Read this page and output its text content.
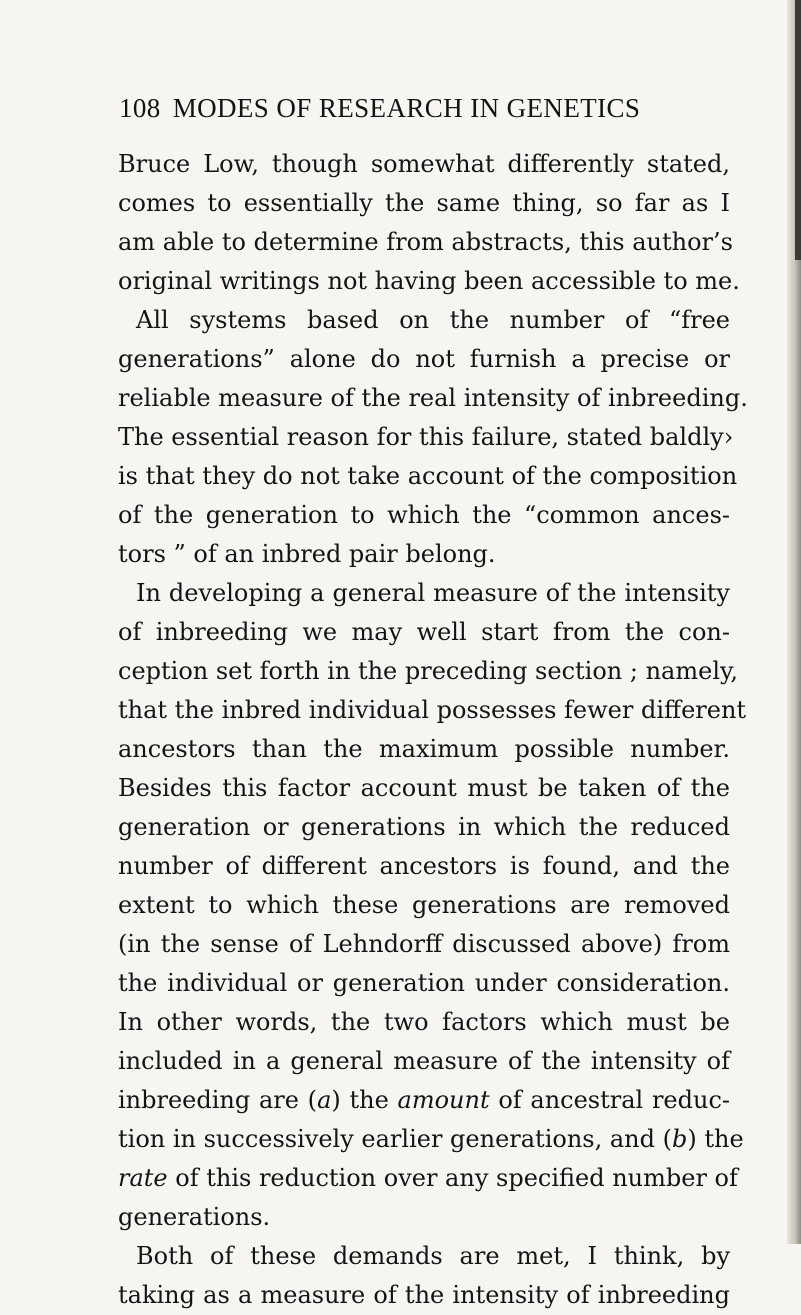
108 MODES OF RESEARCH IN GENETICS
Bruce Low, though somewhat differently stated,
comes to essentially the same thing, so far as I
am able to determine from abstracts, this author’s
original writings not having been accessible to me.
All systems based on the number of “free
generations” alone do not furnish a precise or
reliable measure of the real intensity of inbreeding.
The essential reason for this failure, stated baldly›
is that they do not take account of the composition
of the generation to which the “common ances-
tors ” of an inbred pair belong.
In developing a general measure of the intensity
of inbreeding we may well start from the con-
ception set forth in the preceding section ; namely,
that the inbred individual possesses fewer different
ancestors than the maximum possible number.
Besides this factor account must be taken of the
generation or generations in which the reduced
number of different ancestors is found, and the
extent to which these generations are removed
(in the sense of Lehndorff discussed above) from
the individual or generation under consideration.
In other words, the two factors which must be
included in a general measure of the intensity of
inbreeding are (a) the amount of ancestral reduc-
tion in successively earlier generations, and (b) the
rate of this reduction over any specified number of
generations.
Both of these demands are met, I think, by
taking as a measure of the intensity of inbreeding
